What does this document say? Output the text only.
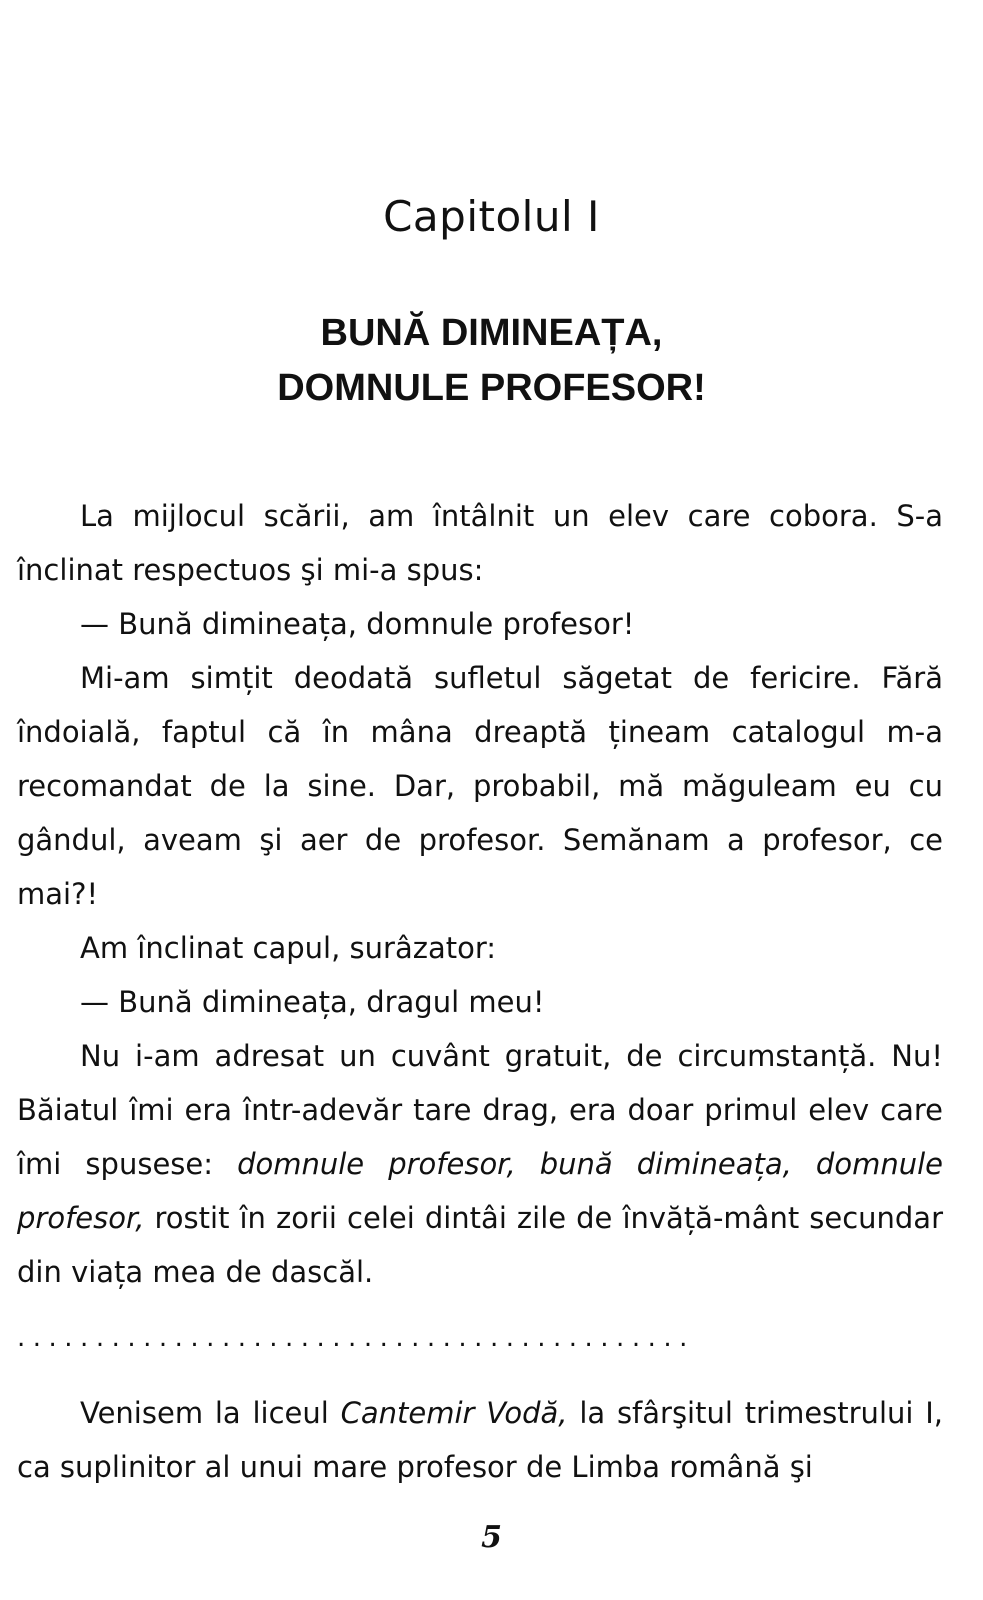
Capitolul I
BUNĂ DIMINEAȚA,
DOMNULE PROFESOR!

La mijlocul scării, am întâlnit un elev care cobora. S-a înclinat respectuos şi mi-a spus:

— Bună dimineața, domnule profesor!

Mi-am simțit deodată sufletul săgetat de fericire. Fără îndoială, faptul că în mâna dreaptă țineam catalogul m-a recomandat de la sine. Dar, probabil, mă măguleam eu cu gândul, aveam şi aer de profesor. Semănam a profesor, ce mai?!

Am înclinat capul, surâzator:

— Bună dimineața, dragul meu!

Nu i-am adresat un cuvânt gratuit, de circumstanță. Nu! Băiatul îmi era într-adevăr tare drag, era doar primul elev care îmi spusese: domnule profesor, bună dimineața, domnule profesor, rostit în zorii celei dintâi zile de învăță-mânt secundar din viața mea de dascăl.

...........................................

Venisem la liceul Cantemir Vodă, la sfârşitul trimestrului I, ca suplinitor al unui mare profesor de Limba română şi

5
